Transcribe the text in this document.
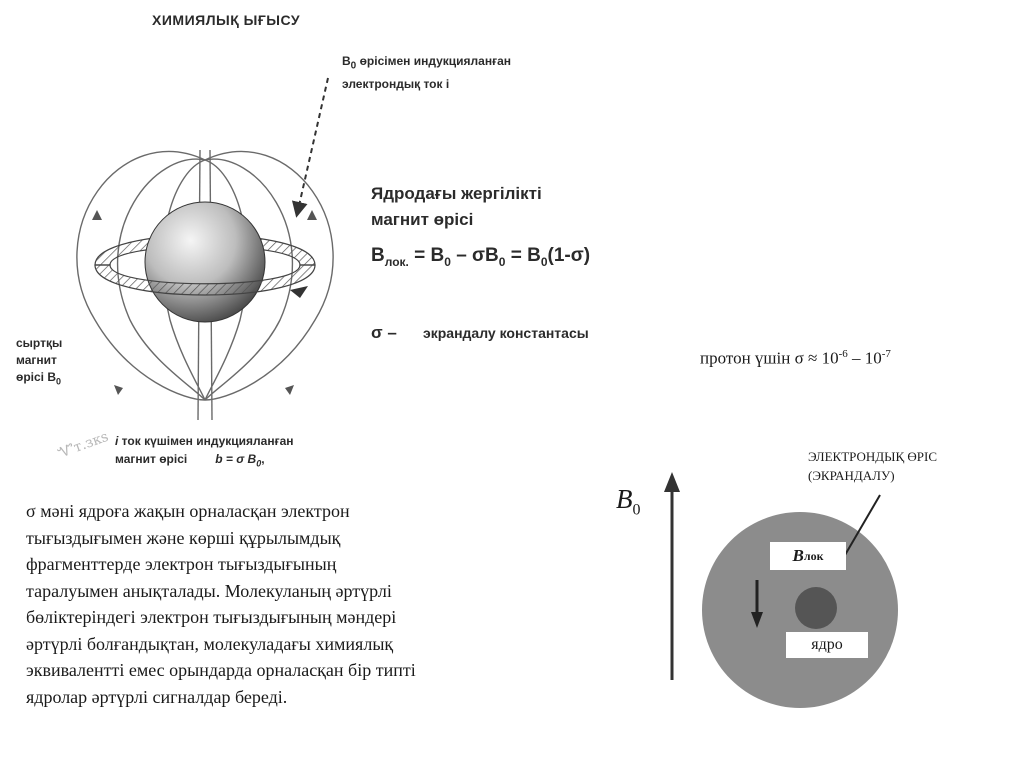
Ꮙт.зкѕ
ХИМИЯЛЫҚ ЫҒЫСУ
$B_0$ өрісімен индукцияланған
электрондық ток і
Ядродағы жергілікті
магнит өрісі
$B_{лок.} = B_0 - \sigma B_0 = B_0(1-\sigma)$
σ – экрандалу константасы
сыртқы
магнит
өрісі $B_0$
i ток күшімен индукцияланған
магнит өрісі b = σ $B_0$,
протон үшін $\sigma \approx 10^{-6} - 10^{-7}$
σ мәні ядроға жақын орналасқан электрон
тығыздығымен және көрші құрылымдық
фрагменттерде электрон тығыздығының
таралуымен анықталады. Молекуланың әртүрлі
бөліктеріндегі электрон тығыздығының мәндері
әртүрлі болғандықтан, молекуладағы химиялық
эквивалентті емес орындарда орналасқан бір типті
ядролар әртүрлі сигналдар береді.
ЭЛЕКТРОНДЫҚ ӨРІС
(ЭКРАНДАЛУ)
$B_0$
B лок
ядро
